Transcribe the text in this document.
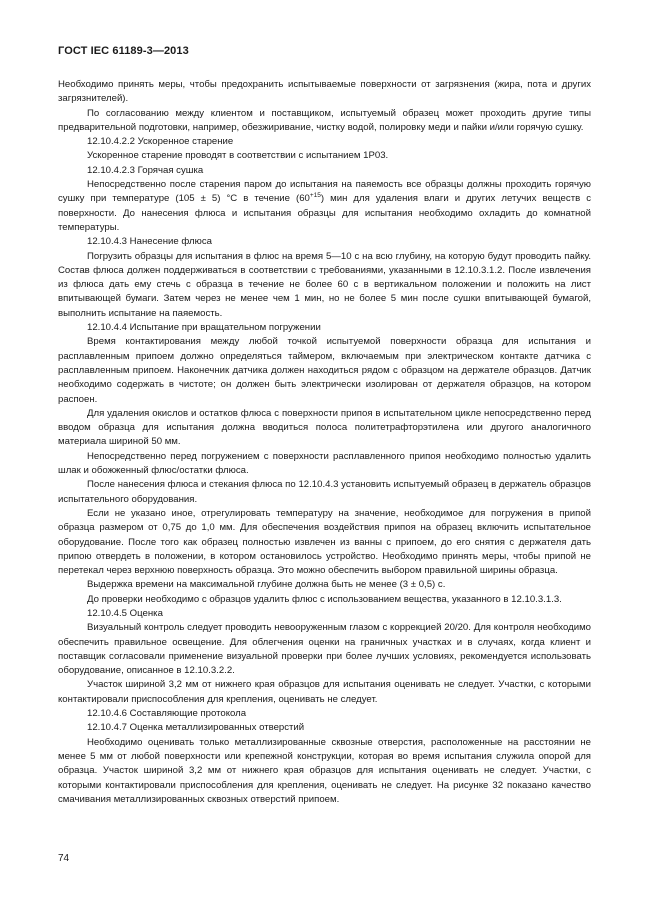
ГОСТ IEC 61189-3—2013

Необходимо принять меры, чтобы предохранить испытываемые поверхности от загрязнения (жира, пота и других загрязнителей).

По согласованию между клиентом и поставщиком, испытуемый образец может проходить другие типы предварительной подготовки, например, обезжиривание, чистку водой, полировку меди и пайки и/или горячую сушку.

12.10.4.2.2 Ускоренное старение

Ускоренное старение проводят в соответствии с испытанием 1Р03.

12.10.4.2.3 Горячая сушка

Непосредственно после старения паром до испытания на паяемость все образцы должны проходить горячую сушку при температуре (105 ± 5) °С в течение $(60^{+15})$ мин для удаления влаги и других летучих веществ с поверхности. До нанесения флюса и испытания образцы для испытания необходимо охладить до комнатной температуры.

12.10.4.3 Нанесение флюса

Погрузить образцы для испытания в флюс на время 5—10 с на всю глубину, на которую будут проводить пайку. Состав флюса должен поддерживаться в соответствии с требованиями, указанными в 12.10.3.1.2. После извлечения из флюса дать ему стечь с образца в течение не более 60 с в вертикальном положении и положить на лист впитывающей бумаги. Затем через не менее чем 1 мин, но не более 5 мин после сушки впитывающей бумагой, выполнить испытание на паяемость.

12.10.4.4 Испытание при вращательном погружении

Время контактирования между любой точкой испытуемой поверхности образца для испытания и расплавленным припоем должно определяться таймером, включаемым при электрическом контакте датчика с расплавленным припоем. Наконечник датчика должен находиться рядом с образцом на держателе образцов. Датчик необходимо содержать в чистоте; он должен быть электрически изолирован от держателя образцов, на котором распоен.

Для удаления окислов и остатков флюса с поверхности припоя в испытательном цикле непосредственно перед вводом образца для испытания должна вводиться полоса политетрафторэтилена или другого аналогичного материала шириной 50 мм.

Непосредственно перед погружением с поверхности расплавленного припоя необходимо полностью удалить шлак и обожженный флюс/остатки флюса.

После нанесения флюса и стекания флюса по 12.10.4.3 установить испытуемый образец в держатель образцов испытательного оборудования.

Если не указано иное, отрегулировать температуру на значение, необходимое для погружения в припой образца размером от 0,75 до 1,0 мм. Для обеспечения воздействия припоя на образец включить испытательное оборудование. После того как образец полностью извлечен из ванны с припоем, до его снятия с держателя дать припою отвердеть в положении, в котором остановилось устройство. Необходимо принять меры, чтобы припой не перетекал через верхнюю поверхность образца. Это можно обеспечить выбором правильной ширины образца.

Выдержка времени на максимальной глубине должна быть не менее (3 ± 0,5) с.

До проверки необходимо с образцов удалить флюс с использованием вещества, указанного в 12.10.3.1.3.

12.10.4.5 Оценка

Визуальный контроль следует проводить невооруженным глазом с коррекцией 20/20. Для контроля необходимо обеспечить правильное освещение. Для облегчения оценки на граничных участках и в случаях, когда клиент и поставщик согласовали применение визуальной проверки при более лучших условиях, рекомендуется использовать оборудование, описанное в 12.10.3.2.2.

Участок шириной 3,2 мм от нижнего края образцов для испытания оценивать не следует. Участки, с которыми контактировали приспособления для крепления, оценивать не следует.

12.10.4.6 Составляющие протокола

12.10.4.7 Оценка металлизированных отверстий

Необходимо оценивать только металлизированные сквозные отверстия, расположенные на расстоянии не менее 5 мм от любой поверхности или крепежной конструкции, которая во время испытания служила опорой для образца. Участок шириной 3,2 мм от нижнего края образцов для испытания оценивать не следует. Участки, с которыми контактировали приспособления для крепления, оценивать не следует. На рисунке 32 показано качество смачивания металлизированных сквозных отверстий припоем.

74
